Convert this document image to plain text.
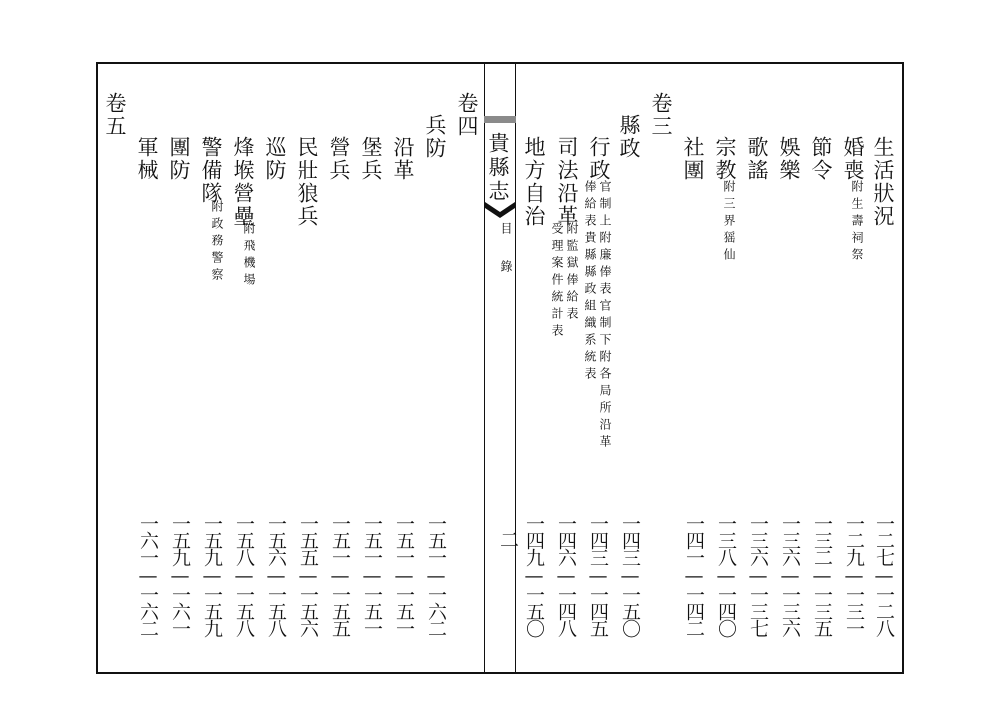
貴縣志
目 錄
二
生活狀況
一二七—一二八
婚喪
附生壽祠祭
一二九—一三一
節令
一三二—一三五
娛樂
一三六—一三六
歌謠
一三六—一三七
宗教
附三界猺仙
一三八—一四〇
社團
一四一—一四二
卷三
縣政
一四三—一五〇
行政
官制上附廉俸表官制下附各局所沿革
俸給表貴縣縣政組織系統表
一四三—一四五
司法沿革
附監獄俸給表
受理案件統計表
一四六—一四八
地方自治
一四九—一五〇
卷四
兵防
一五一—一六二
沿革
一五一—一五一
堡兵
一五一—一五一
營兵
一五一—一五五
民壯狼兵
一五五—一五六
巡防
一五六—一五八
烽堠營壘
附飛機場
一五八—一五八
警備隊
附政務警察
一五九—一五九
團防
一五九—一六一
軍械
一六一—一六二
卷五
